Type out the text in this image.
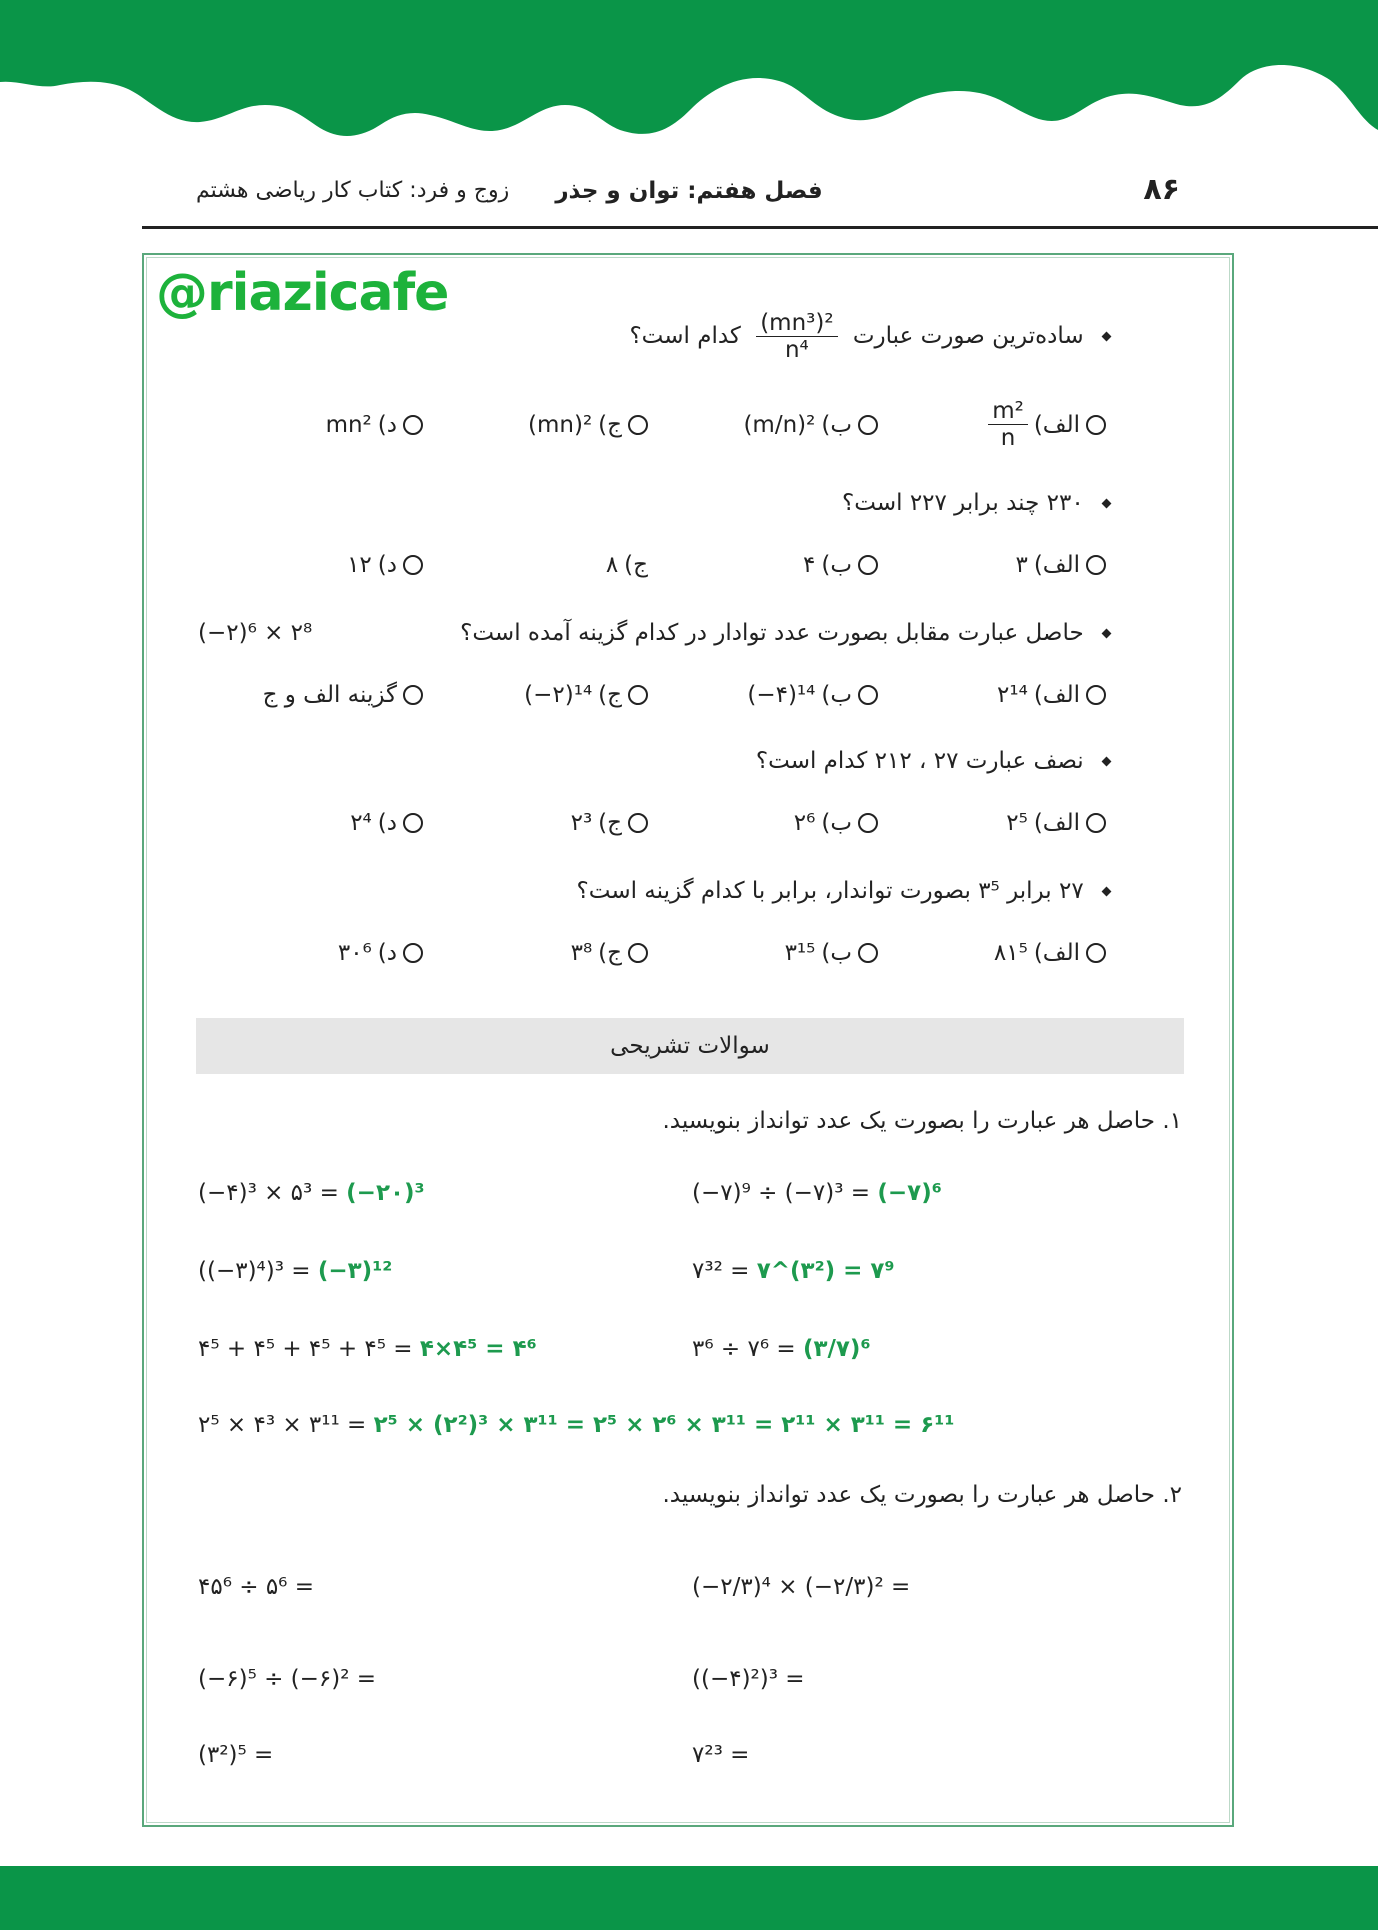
۸۶
فصل هفتم: توان و جذر
زوج و فرد: کتاب کار ریاضی هشتم
@riazicafe
ساده‌ترین صورت عبارت
$\frac{\text{(mn³)²}}{\text{n⁴}}$
کدام است؟
الف)
$\frac{\text{m²}}{n}$
ب)
(m/n)²
ج)
(mn)²
د)
mn²
۲۳۰ چند برابر ۲۲۷ است؟
الف)
۳
ب)
۴
ج)
۸
د)
۱۲
حاصل عبارت مقابل بصورت عدد توادار در کدام گزینه آمده است؟
(−۲)⁶ × ۲⁸
الف)
۲¹⁴
ب)
(−۴)¹⁴
ج)
(−۲)¹⁴
گزینه الف و ج
نصف عبارت ۲۷ ، ۲۱۲ کدام است؟
الف)
۲⁵
ب)
۲⁶
ج)
۲³
د)
۲⁴
۲۷ برابر ۳⁵ بصورت تواندار، برابر با کدام گزینه است؟
الف)
۸۱⁵
ب)
۳¹⁵
ج)
۳⁸
د)
۳۰⁶
سوالات تشریحی
۱. حاصل هر عبارت را بصورت یک عدد توانداز بنویسید.
(−۷)⁹ ÷ (−۷)³ = (−۷)⁶
(−۴)³ × ۵³ = (−۲۰)³
۷³² = ۷^(۳²) = ۷⁹
((−۳)⁴)³ = (−۳)¹²
۳⁶ ÷ ۷⁶ = (۳/۷)⁶
۴⁵ + ۴⁵ + ۴⁵ + ۴⁵ = ۴×۴⁵ = ۴⁶
۲⁵ × ۴³ × ۳¹¹ = ۲⁵ × (۲²)³ × ۳¹¹ = ۲⁵ × ۲⁶ × ۳¹¹ = ۲¹¹ × ۳¹¹ = ۶¹¹
۲. حاصل هر عبارت را بصورت یک عدد توانداز بنویسید.
(−۲/۳)⁴ × (−۲/۳)² =
۴۵⁶ ÷ ۵⁶ =
((−۴)²)³ =
(−۶)⁵ ÷ (−۶)² =
۷²³ =
(۳²)⁵ =
